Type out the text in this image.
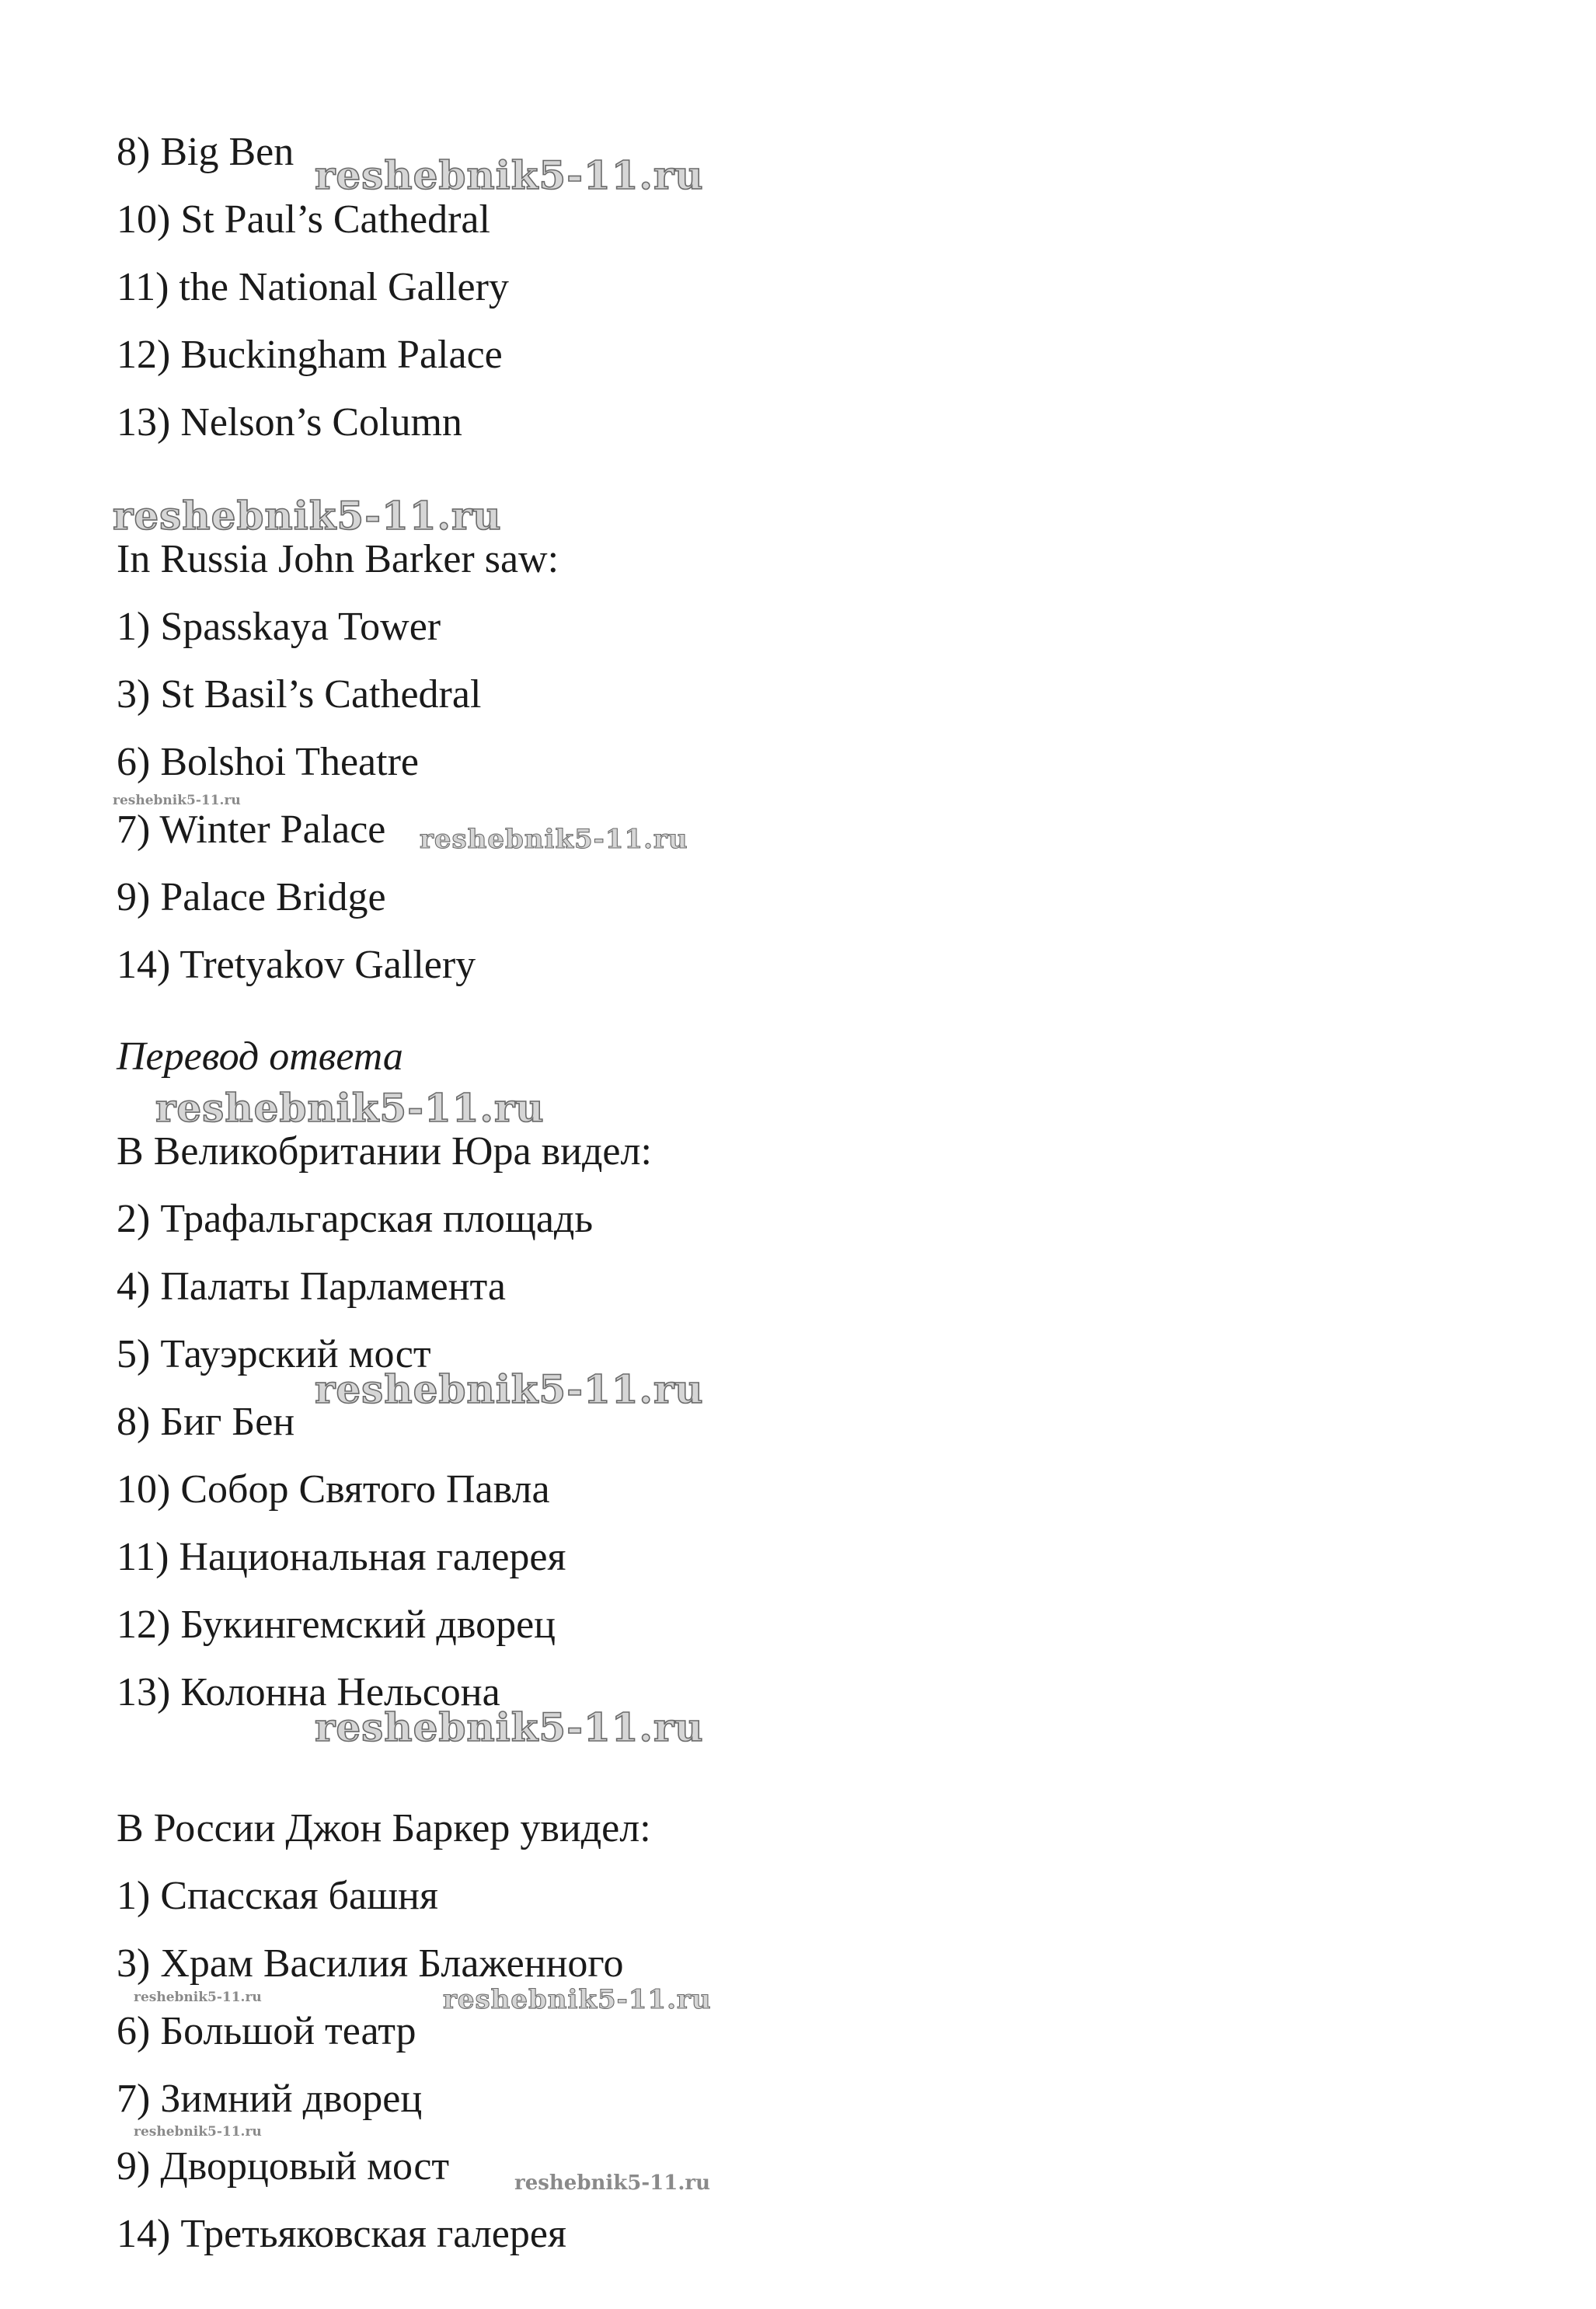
8) Big Ben
10) St Paul’s Cathedral
11) the National Gallery
12) Buckingham Palace
13) Nelson’s Column
In Russia John Barker saw:
1) Spasskaya Tower
3) St Basil’s Cathedral
6) Bolshoi Theatre
7) Winter Palace
9) Palace Bridge
14) Tretyakov Gallery
Перевод ответа
В Великобритании Юра видел:
2) Трафальгарская площадь
4) Палаты Парламента
5) Тауэрский мост
8) Биг Бен
10) Собор Святого Павла
11) Национальная галерея
12) Букингемский дворец
13) Колонна Нельсона
В России Джон Баркер увидел:
1) Спасская башня
3) Храм Василия Блаженного
6) Большой театр
7) Зимний дворец
9) Дворцовый мост
14) Третьяковская галерея
reshebnik5-11.ru
reshebnik5-11.ru
reshebnik5-11.ru
reshebnik5-11.ru
reshebnik5-11.ru
reshebnik5-11.ru
reshebnik5-11.ru
reshebnik5-11.ru	reshebnik5-11.ru
reshebnik5-11.ru
reshebnik5-11.ru
